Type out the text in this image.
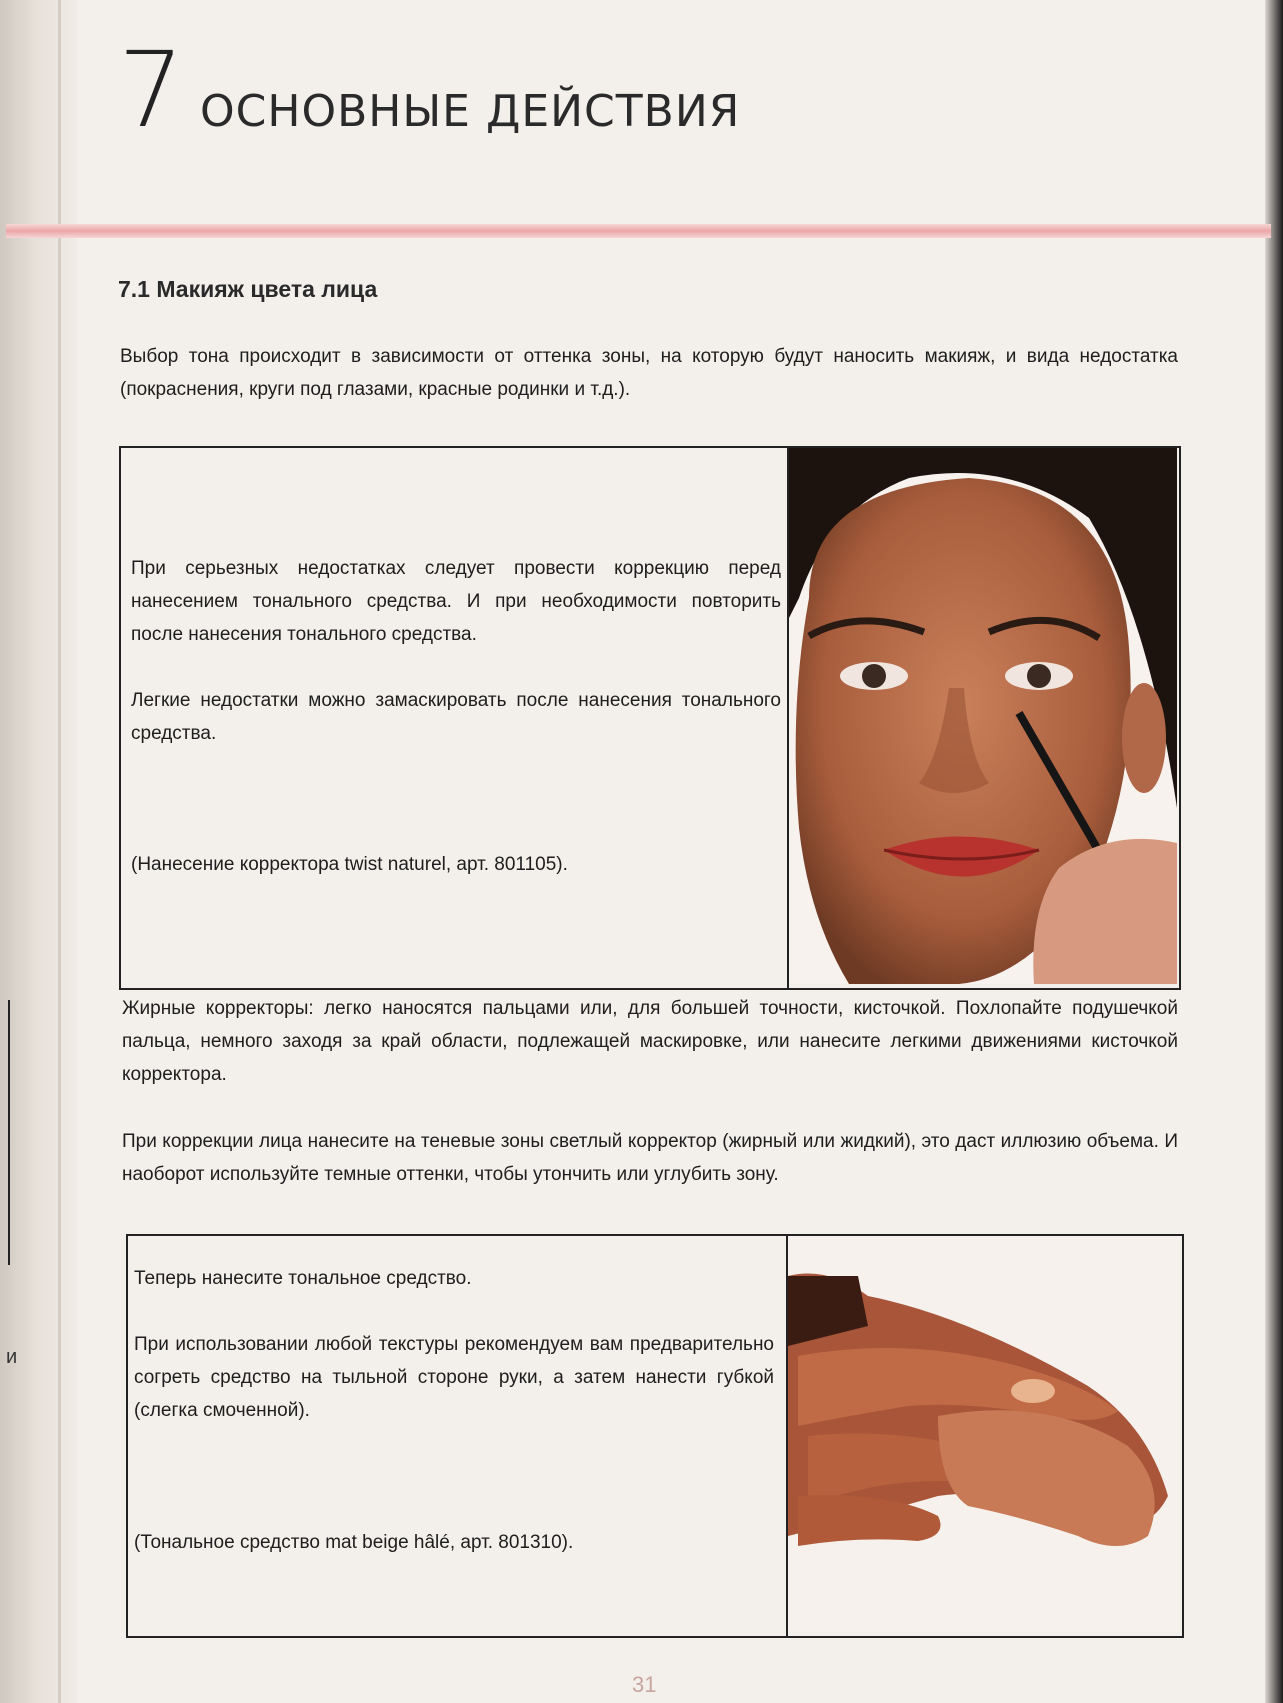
и
7 ОСНОВНЫЕ ДЕЙСТВИЯ
7.1 Макияж цвета лица
Выбор тона происходит в зависимости от оттенка зоны, на которую будут наносить макияж, и вида недостатка (покраснения, круги под глазами, красные родинки и т.д.).
При серьезных недостатках следует провести коррекцию перед нанесением тонального средства. И при необходимости повторить после нанесения тонального средства.
Легкие недостатки можно замаскировать после нанесения тонального средства.
(Нанесение корректора twist naturel, арт. 801105).
Жирные корректоры: легко наносятся пальцами или, для большей точности, кисточкой. Похлопайте подушечкой пальца, немного заходя за край области, подлежащей маскировке, или нанесите легкими движениями кисточкой корректора.
При коррекции лица нанесите на теневые зоны светлый корректор (жирный или жидкий), это даст иллюзию объема. И наоборот используйте темные оттенки, чтобы утончить или углубить зону.
Теперь нанесите тональное средство.
При использовании любой текстуры рекомендуем вам предварительно согреть средство на тыльной стороне руки, а затем нанести губкой (слегка смоченной).
(Тональное средство mat beige hâlé, арт. 801310).
31
